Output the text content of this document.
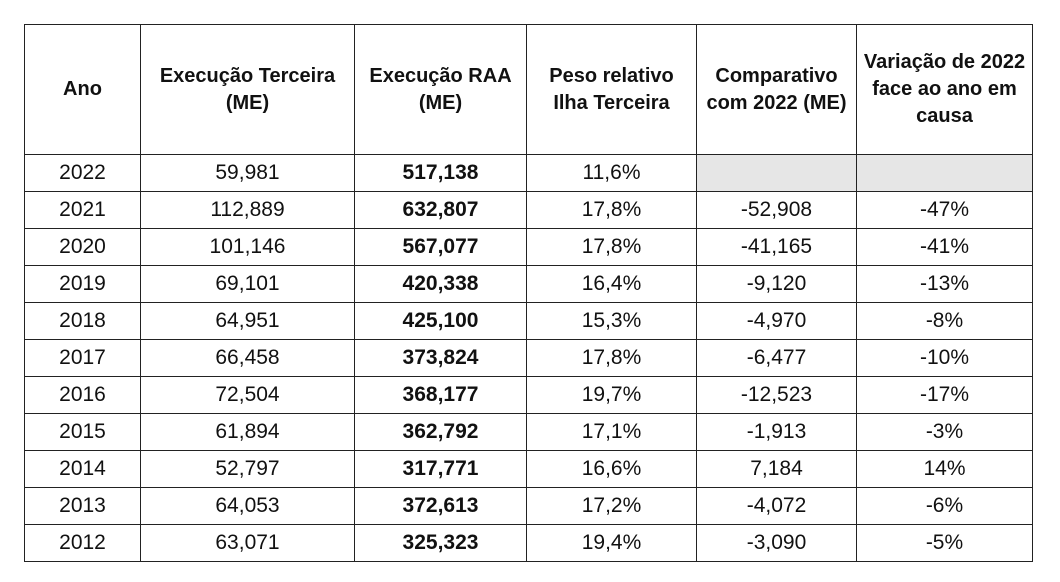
Ano	Execução Terceira (ME)	Execução RAA (ME)	Peso relativo Ilha Terceira	Comparativo com 2022 (ME)	Variação de 2022 face ao ano em causa
2022	59,981	517,138	11,6%		
2021	112,889	632,807	17,8%	-52,908	-47%
2020	101,146	567,077	17,8%	-41,165	-41%
2019	69,101	420,338	16,4%	-9,120	-13%
2018	64,951	425,100	15,3%	-4,970	-8%
2017	66,458	373,824	17,8%	-6,477	-10%
2016	72,504	368,177	19,7%	-12,523	-17%
2015	61,894	362,792	17,1%	-1,913	-3%
2014	52,797	317,771	16,6%	7,184	14%
2013	64,053	372,613	17,2%	-4,072	-6%
2012	63,071	325,323	19,4%	-3,090	-5%
